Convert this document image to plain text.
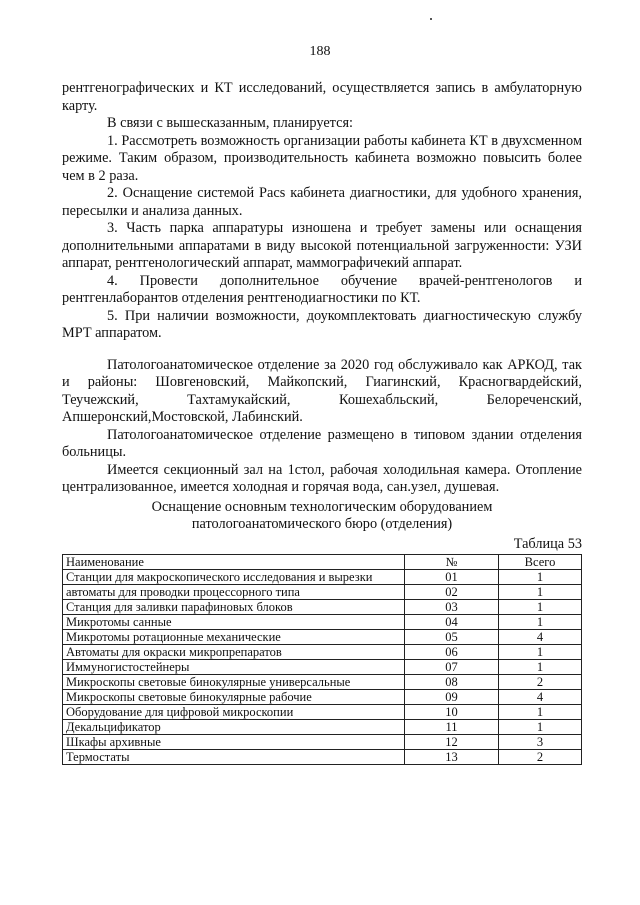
188

рентгенографических и КТ исследований, осуществляется запись в амбулаторную карту.

В связи с вышесказанным, планируется:

1. Рассмотреть возможность организации работы кабинета КТ в двухсменном режиме. Таким образом, производительность кабинета возможно повысить более чем в 2 раза.

2. Оснащение системой Pacs кабинета диагностики, для удобного хранения, пересылки и анализа данных.

3. Часть парка аппаратуры изношена и требует замены или оснащения дополнительными аппаратами в виду высокой потенциальной загруженности: УЗИ аппарат, рентгенологический аппарат, маммографичекий аппарат.

4. Провести дополнительное обучение врачей-рентгенологов и рентгенлаборантов отделения рентгенодиагностики по КТ.

5. При наличии возможности, доукомплектовать диагностическую службу МРТ аппаратом.

Патологоанатомическое отделение за 2020 год обслуживало как АРКОД, так и районы: Шовгеновский, Майкопский, Гиагинский, Красногвардейский, Теучежский, Тахтамукайский, Кошехабльский, Белореченский, Апшеронский,Мостовской, Лабинский.

Патологоанатомическое отделение размещено в типовом здании отделения больницы.

Имеется секционный зал на 1стол, рабочая холодильная камера. Отопление централизованное, имеется холодная и горячая вода, сан.узел, душевая.

Оснащение основным технологическим оборудованием
патологоанатомического бюро (отделения)
Таблица 53
Наименование	№	Всего
Станции для макроскопического исследования и вырезки	01	1
автоматы для проводки процессорного типа	02	1
Станция для заливки парафиновых блоков	03	1
Микротомы санные	04	1
Микротомы ротационные механические	05	4
Автоматы для окраски микропрепаратов	06	1
Иммуногистостейнеры	07	1
Микроскопы световые бинокулярные универсальные	08	2
Микроскопы световые бинокулярные рабочие	09	4
Оборудование для цифровой микроскопии	10	1
Декальцификатор	11	1
Шкафы архивные	12	3
Термостаты	13	2
